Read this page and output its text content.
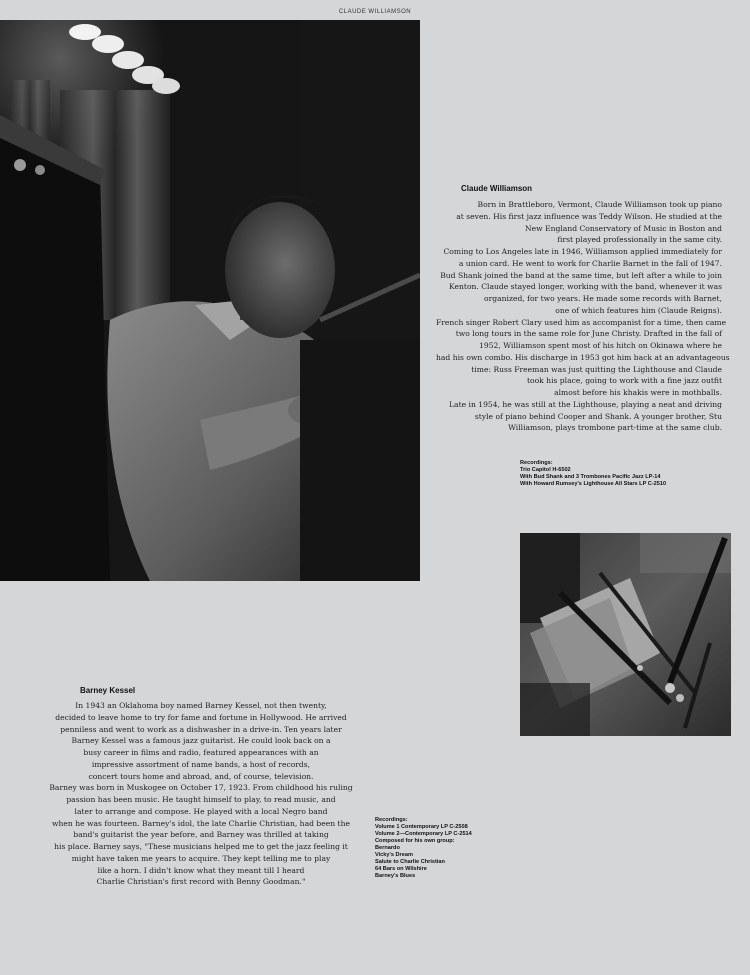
CLAUDE WILLIAMSON
Claude Williamson
Born in Brattleboro, Vermont, Claude Williamson took up piano
at seven. His first jazz influence was Teddy Wilson. He studied at the
New England Conservatory of Music in Boston and
first played professionally in the same city.
Coming to Los Angeles late in 1946, Williamson applied immediately for
a union card. He went to work for Charlie Barnet in the fall of 1947.
Bud Shank joined the band at the same time, but left after a while to join
Kenton. Claude stayed longer, working with the band, whenever it was
organized, for two years. He made some records with Barnet,
one of which features him (Claude Reigns).
French singer Robert Clary used him as accompanist for a time, then came
two long tours in the same role for June Christy. Drafted in the fall of
1952, Williamson spent most of his hitch on Okinawa where he
had his own combo. His discharge in 1953 got him back at an advantageous
time: Russ Freeman was just quitting the Lighthouse and Claude
took his place, going to work with a fine jazz outfit
almost before his khakis were in mothballs.
Late in 1954, he was still at the Lighthouse, playing a neat and driving
style of piano behind Cooper and Shank. A younger brother, Stu
Williamson, plays trombone part-time at the same club.
Recordings:
Trio Capitol H-6502
With Bud Shank and 3 Trombones Pacific Jazz LP-14
With Howard Rumsey's Lighthouse All Stars LP C-2510
Barney Kessel
In 1943 an Oklahoma boy named Barney Kessel, not then twenty,
decided to leave home to try for fame and fortune in Hollywood. He arrived
penniless and went to work as a dishwasher in a drive-in. Ten years later
Barney Kessel was a famous jazz guitarist. He could look back on a
busy career in films and radio, featured appearances with an
impressive assortment of name bands, a host of records,
concert tours home and abroad, and, of course, television.
Barney was born in Muskogee on October 17, 1923. From childhood his ruling
passion has been music. He taught himself to play, to read music, and
later to arrange and compose. He played with a local Negro band
when he was fourteen. Barney's idol, the late Charlie Christian, had been the
band's guitarist the year before, and Barney was thrilled at taking
his place. Barney says, "These musicians helped me to get the jazz feeling it
might have taken me years to acquire. They kept telling me to play
like a horn. I didn't know what they meant till I heard
Charlie Christian's first record with Benny Goodman."
Recordings:
Volume 1 Contemporary LP C-2508
Volume 2—Contemporary LP C-2514
Composed for his own group:
Bernardo
Vicky's Dream
Salute to Charlie Christian
64 Bars on Wilshire
Barney's Blues
